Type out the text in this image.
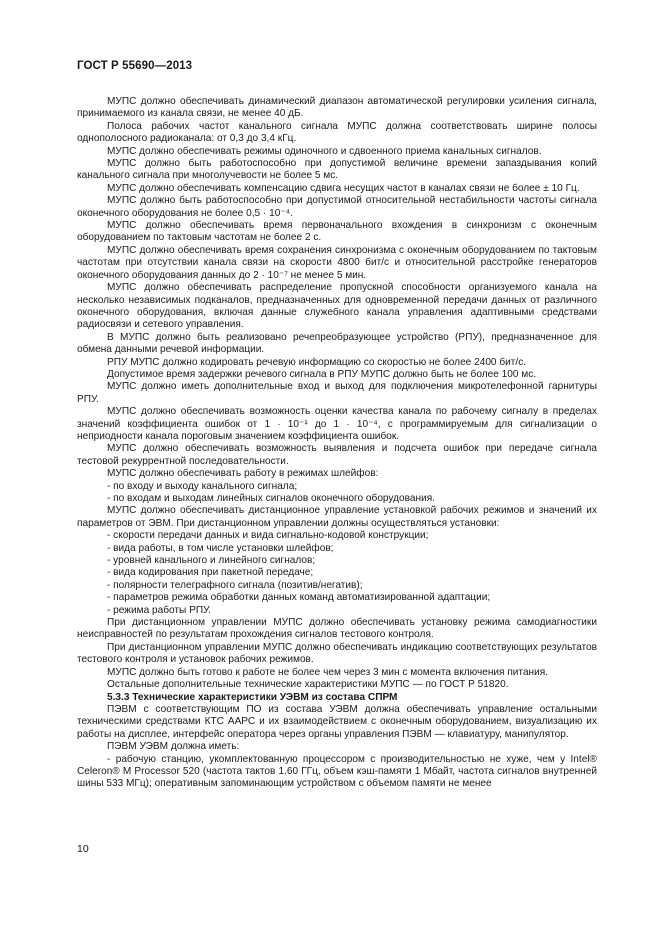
ГОСТ Р 55690—2013

МУПС должно обеспечивать динамический диапазон автоматической регулировки усиления сигнала, принимаемого из канала связи, не менее 40 дБ.

Полоса рабочих частот канального сигнала МУПС должна соответствовать ширине полосы однополосного радиоканала: от 0,3 до 3,4 кГц.

МУПС должно обеспечивать режимы одиночного и сдвоенного приема канальных сигналов.

МУПС должно быть работоспособно при допустимой величине времени запаздывания копий канального сигнала при многолучевости не более 5 мс.

МУПС должно обеспечивать компенсацию сдвига несущих частот в каналах связи не более ± 10 Гц.

МУПС должно быть работоспособно при допустимой относительной нестабильности частоты сигнала оконечного оборудования не более 0,5 · 10⁻⁴.

МУПС должно обеспечивать время первоначального вхождения в синхронизм с оконечным оборудованием по тактовым частотам не более 2 с.

МУПС должно обеспечивать время сохранения синхронизма с оконечным оборудованием по тактовым частотам при отсутствии канала связи на скорости 4800 бит/с и относительной расстройке генераторов оконечного оборудования данных до 2 · 10⁻⁷ не менее 5 мин.

МУПС должно обеспечивать распределение пропускной способности организуемого канала на несколько независимых подканалов, предназначенных для одновременной передачи данных от различного оконечного оборудования, включая данные служебного канала управления адаптивными средствами радиосвязи и сетевого управления.

В МУПС должно быть реализовано речепреобразующее устройство (РПУ), предназначенное для обмена данными речевой информации.

РПУ МУПС должно кодировать речевую информацию со скоростью не более 2400 бит/с.

Допустимое время задержки речевого сигнала в РПУ МУПС должно быть не более 100 мс.

МУПС должно иметь дополнительные вход и выход для подключения микротелефонной гарнитуры РПУ.

МУПС должно обеспечивать возможность оценки качества канала по рабочему сигналу в пределах значений коэффициента ошибок от 1 · 10⁻¹ до 1 · 10⁻⁴, с программируемым для сигнализации о неприодности канала пороговым значением коэффициента ошибок.

МУПС должно обеспечивать возможность выявления и подсчета ошибок при передаче сигнала тестовой рекуррентной последовательности.

МУПС должно обеспечивать работу в режимах шлейфов:

- по входу и выходу канального сигнала;

- по входам и выходам линейных сигналов оконечного оборудования.

МУПС должно обеспечивать дистанционное управление установкой рабочих режимов и значений их параметров от ЭВМ. При дистанционном управлении должны осуществляться установки:

- скорости передачи данных и вида сигнально-кодовой конструкции;

- вида работы, в том числе установки шлейфов;

- уровней канального и линейного сигналов;

- вида кодирования при пакетной передаче;

- полярности телеграфного сигнала (позитив/негатив);

- параметров режима обработки данных команд автоматизированной адаптации;

- режима работы РПУ.

При дистанционном управлении МУПС должно обеспечивать установку режима самодиагностики неисправностей по результатам прохождения сигналов тестового контроля.

При дистанционном управлении МУПС должно обеспечивать индикацию соответствующих результатов тестового контроля и установок рабочих режимов.

МУПС должно быть готово к работе не более чем через 3 мин с момента включения питания.

Остальные дополнительные технические характеристики МУПС — по ГОСТ Р 51820.

5.3.3 Технические характеристики УЭВМ из состава СПРМ

ПЭВМ с соответствующим ПО из состава УЭВМ должна обеспечивать управление остальными техническими средствами КТС ААРС и их взаимодействием с оконечным оборудованием, визуализацию их работы на дисплее, интерфейс оператора через органы управления ПЭВМ — клавиатуру, манипулятор.

ПЭВМ УЭВМ должна иметь:

- рабочую станцию, укомплектованную процессором с производительностью не хуже, чем у Intel® Celeron® M Processor 520 (частота тактов 1.60 ГГц, объем кэш-памяти 1 Мбайт, частота сигналов внутренней шины 533 МГц); оперативным запоминающим устройством с объемом памяти не менее

10
